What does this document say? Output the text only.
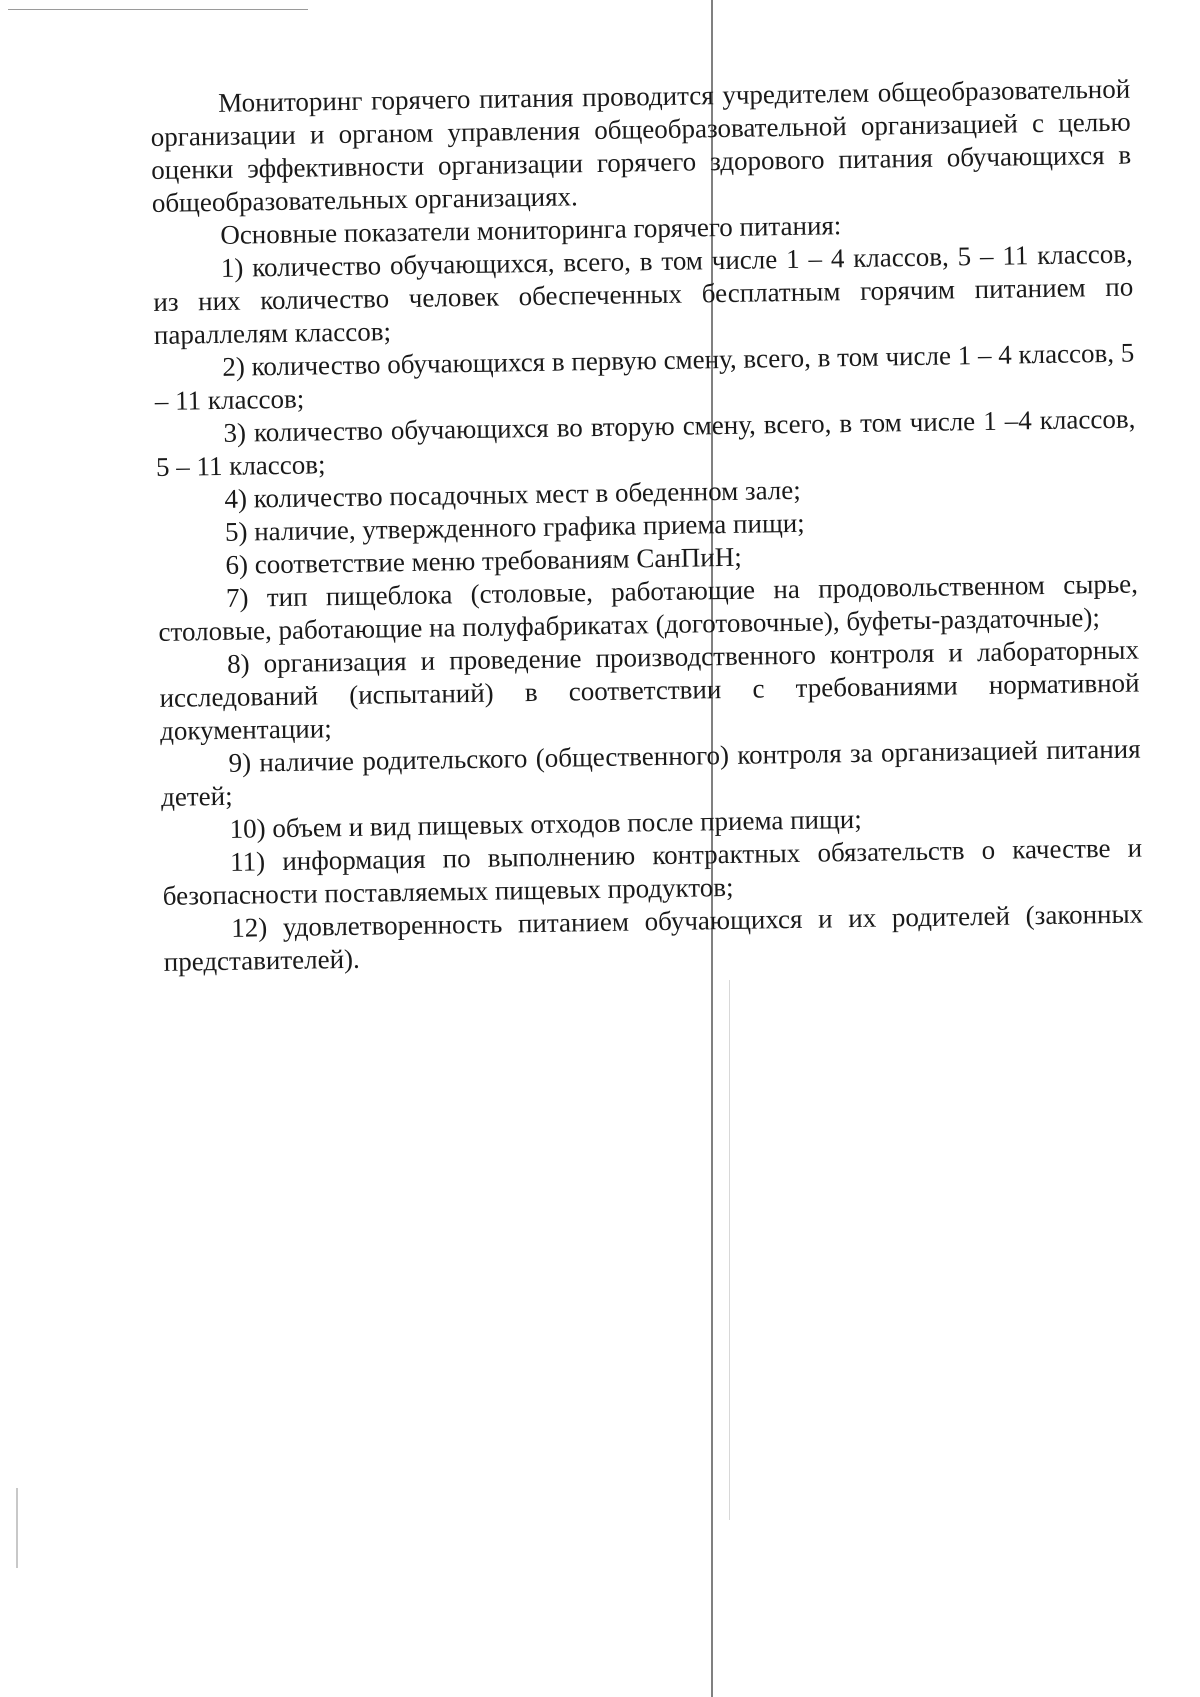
Мониторинг горячего питания проводится учредителем общеобразовательной организации и органом управления общеобразовательной организацией с целью оценки эффективности организации горячего здорового питания обучающихся в общеобразовательных организациях.

Основные показатели мониторинга горячего питания:

1) количество обучающихся, всего, в том числе 1 – 4 классов, 5 – 11 классов, из них количество человек обеспеченных бесплатным горячим питанием по параллелям классов;

2) количество обучающихся в первую смену, всего, в том числе 1 – 4 классов, 5 – 11 классов;

3) количество обучающихся во вторую смену, всего, в том числе 1 –4 классов, 5 – 11 классов;

4) количество посадочных мест в обеденном зале;

5) наличие, утвержденного графика приема пищи;

6) соответствие меню требованиям СанПиН;

7) тип пищеблока (столовые, работающие на продовольственном сырье, столовые, работающие на полуфабрикатах (доготовочные), буфеты-раздаточные);

8) организация и проведение производственного контроля и лабораторных исследований (испытаний) в соответствии с требованиями нормативной документации;

9) наличие родительского (общественного) контроля за организацией питания детей;

10) объем и вид пищевых отходов после приема пищи;

11) информация по выполнению контрактных обязательств о качестве и безопасности поставляемых пищевых продуктов;

12) удовлетворенность питанием обучающихся и их родителей (законных представителей).
